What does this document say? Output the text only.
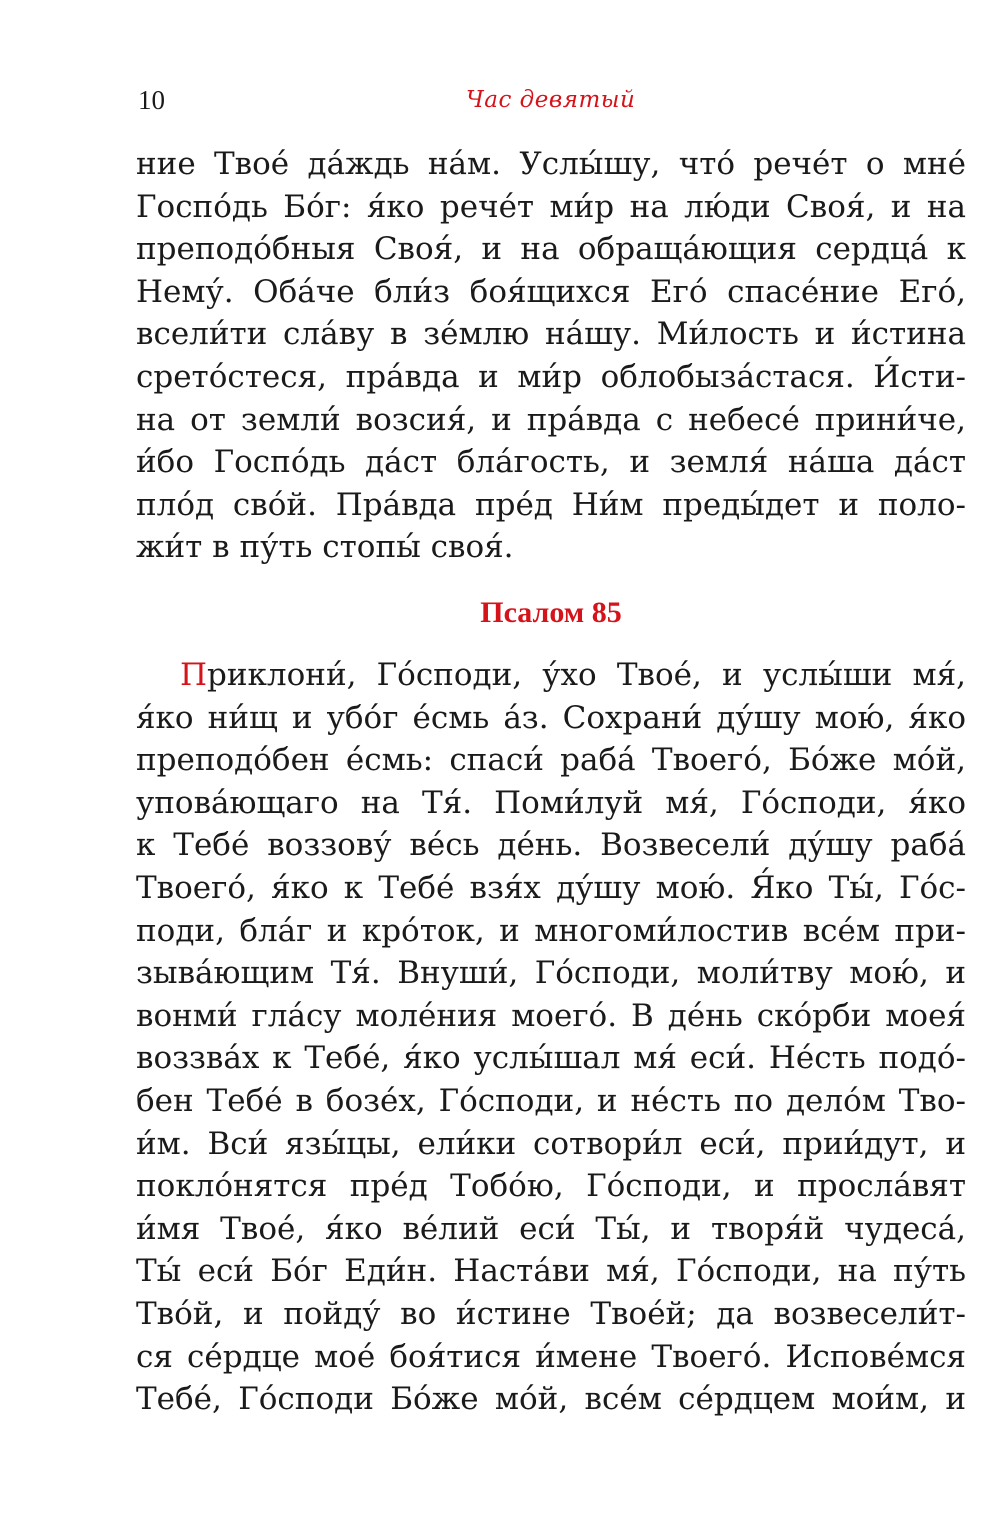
10	Час девятый
ние Твое́ да́ждь на́м. Услы́шу, что́ рече́т о мне́
Госпо́дь Бо́г: я́ко рече́т ми́р на лю́ди Своя́, и на
преподо́бныя Своя́, и на обраща́ющия сердца́ к
Нему́. Оба́че бли́з боя́щихся Его́ спасе́ние Его́,
всели́ти сла́ву в зе́млю на́шу. Ми́лость и и́стина
срето́стеся, пра́вда и ми́р облобыза́стася. И́сти-
на от земли́ возсия́, и пра́вда с небесе́ прини́че,
и́бо Госпо́дь да́ст бла́гость, и земля́ на́ша да́ст
пло́д сво́й. Пра́вда пре́д Ни́м преды́дет и поло-
жи́т в пу́ть стопы́ своя́.
Псалом 85
Приклони́, Го́споди, у́хо Твое́, и услы́ши мя́,
я́ко ни́щ и убо́г е́смь а́з. Сохрани́ ду́шу мою́, я́ко
преподо́бен е́смь: спаси́ раба́ Твоего́, Бо́же мо́й,
упова́ющаго на Тя́. Поми́луй мя́, Го́споди, я́ко
к Тебе́ воззову́ ве́сь де́нь. Возвесели́ ду́шу раба́
Твоего́, я́ко к Тебе́ взя́х ду́шу мою́. Я́ко Ты́, Го́с-
поди, бла́г и кро́ток, и многоми́лостив все́м при-
зыва́ющим Тя́. Внуши́, Го́споди, моли́тву мою́, и
вонми́ гла́су моле́ния моего́. В де́нь ско́рби моея́
воззва́х к Тебе́, я́ко услы́шал мя́ еси́. Не́сть подо́-
бен Тебе́ в бозе́х, Го́споди, и не́сть по дело́м Тво-
и́м. Вси́ язы́цы, ели́ки сотвори́л еси́, прии́дут, и
покло́нятся пре́д Тобо́ю, Го́споди, и просла́вят
и́мя Твое́, я́ко ве́лий еси́ Ты́, и творя́й чудеса́,
Ты́ еси́ Бо́г Еди́н. Наста́ви мя́, Го́споди, на пу́ть
Тво́й, и пойду́ во и́стине Твое́й; да возвесели́т-
ся се́рдце мое́ боя́тися и́мене Твоего́. Испове́мся
Тебе́, Го́споди Бо́же мо́й, все́м се́рдцем мои́м, и
